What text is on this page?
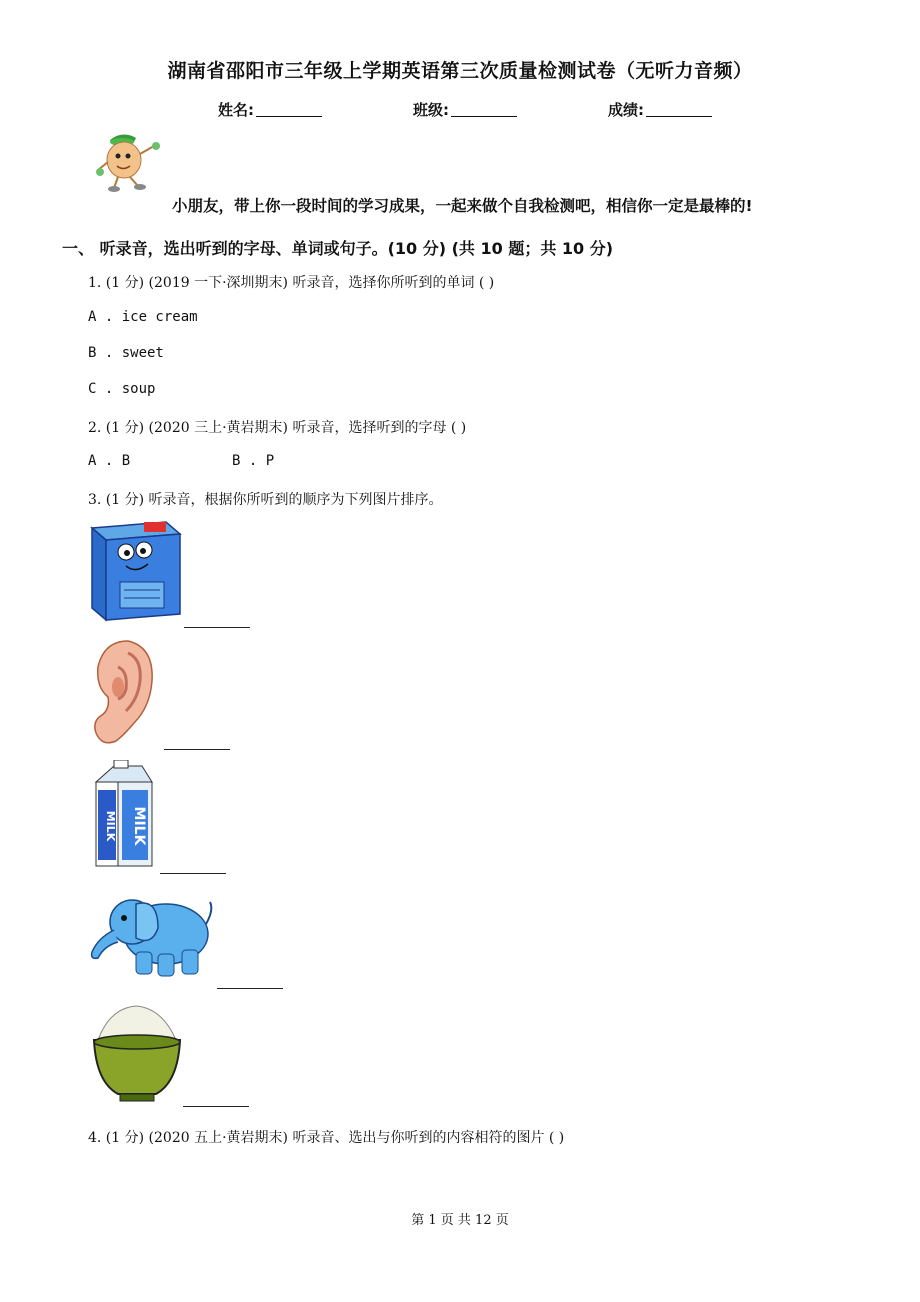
湖南省邵阳市三年级上学期英语第三次质量检测试卷（无听力音频）
姓名:	班级:	成绩:
小朋友，带上你一段时间的学习成果，一起来做个自我检测吧，相信你一定是最棒的!
一、 听录音，选出听到的字母、单词或句子。(10 分) (共 10 题；共 10 分)
1. (1 分) (2019 一下·深圳期末) 听录音，选择你所听到的单词 ( )
A . ice cream
B . sweet
C . soup
2. (1 分) (2020 三上·黄岩期末) 听录音，选择听到的字母 ( )
A . B	B . P
3. (1 分) 听录音，根据你所听到的顺序为下列图片排序。
MILK
MILK
4. (1 分) (2020 五上·黄岩期末) 听录音、选出与你听到的内容相符的图片 ( )
第 1 页 共 12 页
